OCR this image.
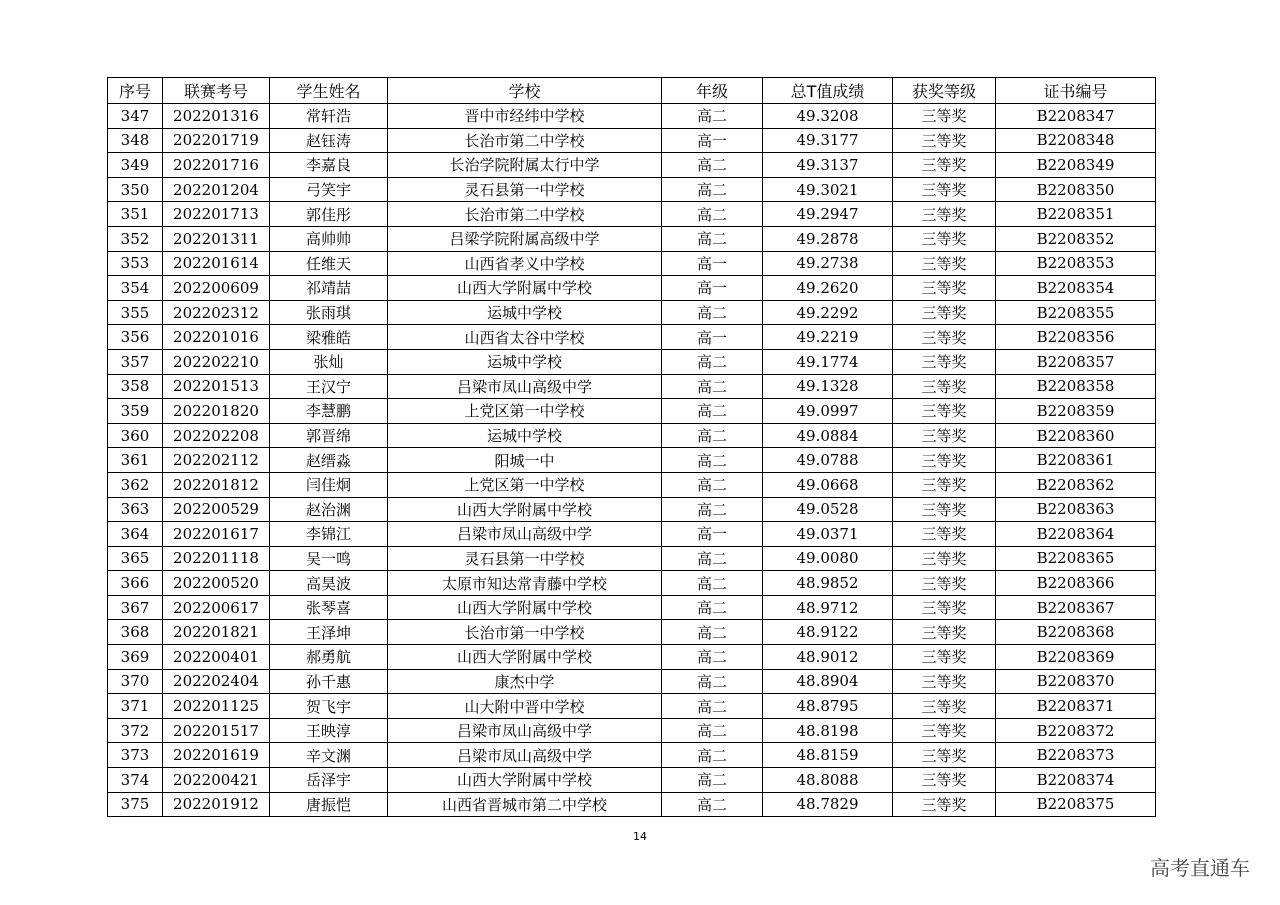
序号	联赛考号	学生姓名	学校	年级	总T值成绩	获奖等级	证书编号
347	202201316	常轩浩	晋中市经纬中学校	高二	49.3208	三等奖	B2208347
348	202201719	赵钰涛	长治市第二中学校	高一	49.3177	三等奖	B2208348
349	202201716	李嘉良	长治学院附属太行中学	高二	49.3137	三等奖	B2208349
350	202201204	弓笑宇	灵石县第一中学校	高二	49.3021	三等奖	B2208350
351	202201713	郭佳彤	长治市第二中学校	高二	49.2947	三等奖	B2208351
352	202201311	高帅帅	吕梁学院附属高级中学	高二	49.2878	三等奖	B2208352
353	202201614	任维天	山西省孝义中学校	高一	49.2738	三等奖	B2208353
354	202200609	祁靖喆	山西大学附属中学校	高一	49.2620	三等奖	B2208354
355	202202312	张雨琪	运城中学校	高二	49.2292	三等奖	B2208355
356	202201016	梁雅皓	山西省太谷中学校	高一	49.2219	三等奖	B2208356
357	202202210	张灿	运城中学校	高二	49.1774	三等奖	B2208357
358	202201513	王汉宁	吕梁市凤山高级中学	高二	49.1328	三等奖	B2208358
359	202201820	李慧鹏	上党区第一中学校	高二	49.0997	三等奖	B2208359
360	202202208	郭晋绵	运城中学校	高二	49.0884	三等奖	B2208360
361	202202112	赵缙淼	阳城一中	高二	49.0788	三等奖	B2208361
362	202201812	闫佳炯	上党区第一中学校	高二	49.0668	三等奖	B2208362
363	202200529	赵治渊	山西大学附属中学校	高二	49.0528	三等奖	B2208363
364	202201617	李锦江	吕梁市凤山高级中学	高一	49.0371	三等奖	B2208364
365	202201118	吴一鸣	灵石县第一中学校	高二	49.0080	三等奖	B2208365
366	202200520	高昊波	太原市知达常青藤中学校	高二	48.9852	三等奖	B2208366
367	202200617	张琴喜	山西大学附属中学校	高二	48.9712	三等奖	B2208367
368	202201821	王泽坤	长治市第一中学校	高二	48.9122	三等奖	B2208368
369	202200401	郝勇航	山西大学附属中学校	高二	48.9012	三等奖	B2208369
370	202202404	孙千惠	康杰中学	高二	48.8904	三等奖	B2208370
371	202201125	贺飞宇	山大附中晋中学校	高二	48.8795	三等奖	B2208371
372	202201517	王映淳	吕梁市凤山高级中学	高二	48.8198	三等奖	B2208372
373	202201619	辛文渊	吕梁市凤山高级中学	高二	48.8159	三等奖	B2208373
374	202200421	岳泽宇	山西大学附属中学校	高二	48.8088	三等奖	B2208374
375	202201912	唐振恺	山西省晋城市第二中学校	高二	48.7829	三等奖	B2208375
14
高考直通车
